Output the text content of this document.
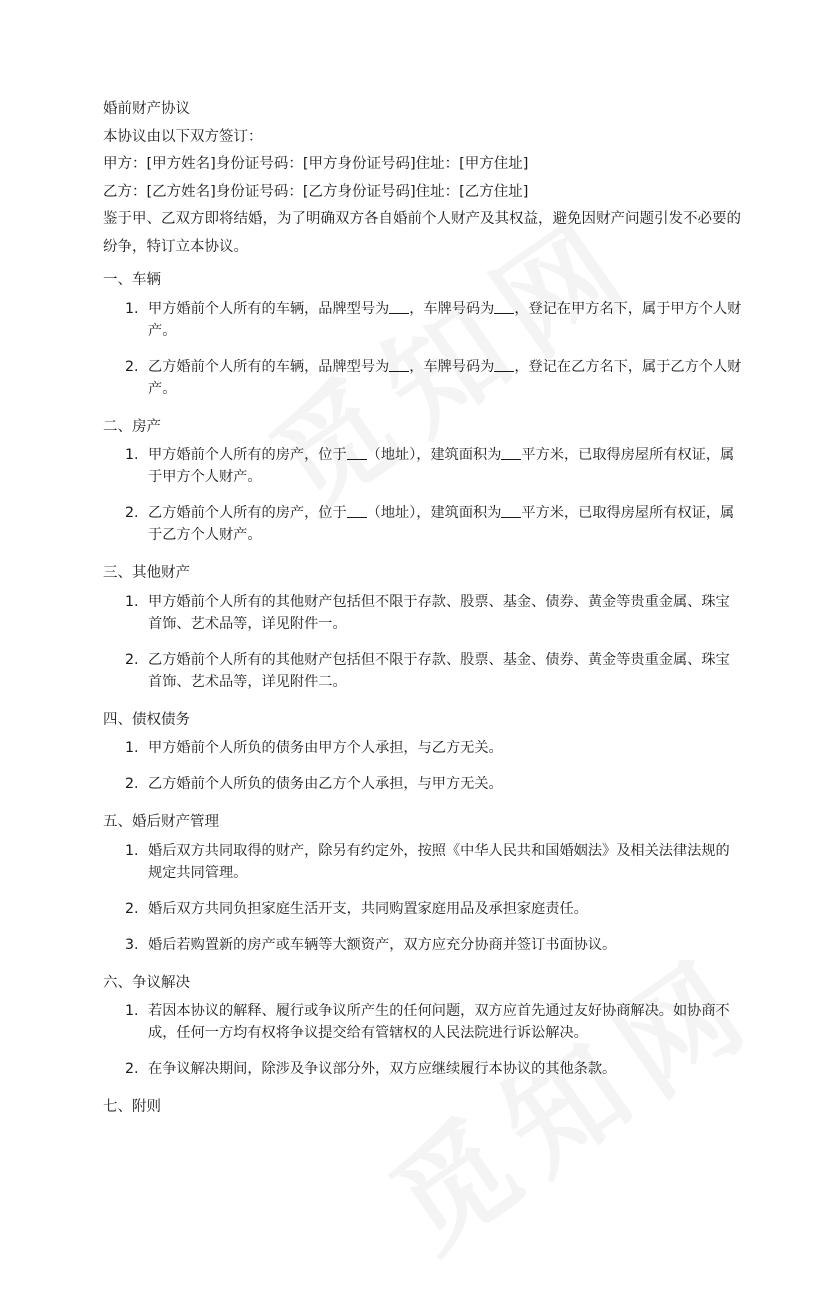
婚前财产协议

本协议由以下双方签订：

甲方：[甲方姓名]身份证号码：[甲方身份证号码]住址：[甲方住址]

乙方：[乙方姓名]身份证号码：[乙方身份证号码]住址：[乙方住址]

鉴于甲、乙双方即将结婚，为了明确双方各自婚前个人财产及其权益，避免因财产问题引发不必要的纷争，特订立本协议。

一、车辆

1. 甲方婚前个人所有的车辆，品牌型号为 ，车牌号码为 ，登记在甲方名下，属于甲方个人财产。
2. 乙方婚前个人所有的车辆，品牌型号为 ，车牌号码为 ，登记在乙方名下，属于乙方个人财产。

二、房产

1. 甲方婚前个人所有的房产，位于 （地址），建筑面积为 平方米，已取得房屋所有权证，属于甲方个人财产。
2. 乙方婚前个人所有的房产，位于 （地址），建筑面积为 平方米，已取得房屋所有权证，属于乙方个人财产。

三、其他财产

1. 甲方婚前个人所有的其他财产包括但不限于存款、股票、基金、债券、黄金等贵重金属、珠宝首饰、艺术品等，详见附件一。
2. 乙方婚前个人所有的其他财产包括但不限于存款、股票、基金、债券、黄金等贵重金属、珠宝首饰、艺术品等，详见附件二。

四、债权债务

1. 甲方婚前个人所负的债务由甲方个人承担，与乙方无关。
2. 乙方婚前个人所负的债务由乙方个人承担，与甲方无关。

五、婚后财产管理

1. 婚后双方共同取得的财产，除另有约定外，按照《中华人民共和国婚姻法》及相关法律法规的规定共同管理。
2. 婚后双方共同负担家庭生活开支，共同购置家庭用品及承担家庭责任。
3. 婚后若购置新的房产或车辆等大额资产，双方应充分协商并签订书面协议。

六、争议解决

1. 若因本协议的解释、履行或争议所产生的任何问题，双方应首先通过友好协商解决。如协商不成，任何一方均有权将争议提交给有管辖权的人民法院进行诉讼解决。
2. 在争议解决期间，除涉及争议部分外，双方应继续履行本协议的其他条款。

七、附则
